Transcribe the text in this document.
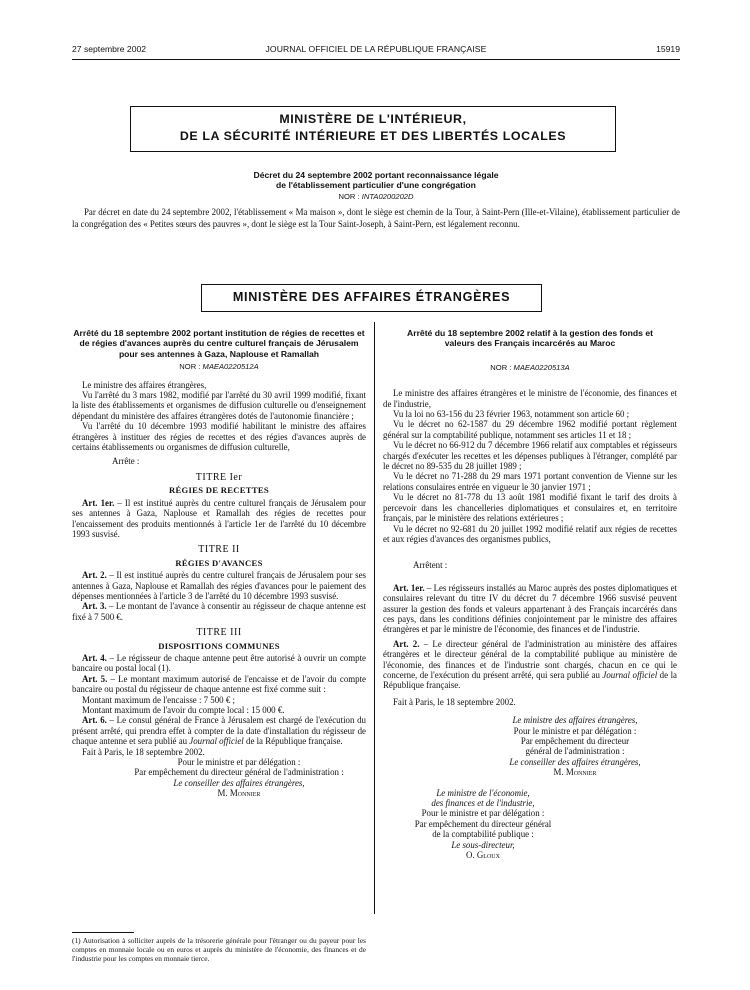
27 septembre 2002	JOURNAL OFFICIEL DE LA RÉPUBLIQUE FRANÇAISE	15919
MINISTÈRE DE L'INTÉRIEUR,
DE LA SÉCURITÉ INTÉRIEURE ET DES LIBERTÉS LOCALES
Décret du 24 septembre 2002 portant reconnaissance légale
de l'établissement particulier d'une congrégation
NOR : INTA0200202D

Par décret en date du 24 septembre 2002, l'établissement « Ma maison », dont le siège est chemin de la Tour, à Saint-Pern (Ille-et-Vilaine), établissement particulier de la congrégation des « Petites sœurs des pauvres », dont le siège est la Tour Saint-Joseph, à Saint-Pern, est légalement reconnu.

MINISTÈRE DES AFFAIRES ÉTRANGÈRES
Arrêté du 18 septembre 2002 portant institution de régies de recettes et de régies d'avances auprès du centre culturel français de Jérusalem pour ses antennes à Gaza, Naplouse et Ramallah
NOR : MAEA0220512A

Le ministre des affaires étrangères,

Vu l'arrêté du 3 mars 1982, modifié par l'arrêté du 30 avril 1999 modifié, fixant la liste des établissements et organismes de diffusion culturelle ou d'enseignement dépendant du ministère des affaires étrangères dotés de l'autonomie financière ;

Vu l'arrêté du 10 décembre 1993 modifié habilitant le ministre des affaires étrangères à instituer des régies de recettes et des régies d'avances auprès de certains établissements ou organismes de diffusion culturelle,

Arrête :

TITRE Ier
RÉGIES DE RECETTES

Art. 1er. – Il est institué auprès du centre culturel français de Jérusalem pour ses antennes à Gaza, Naplouse et Ramallah des régies de recettes pour l'encaissement des produits mentionnés à l'article 1er de l'arrêté du 10 décembre 1993 susvisé.

TITRE II
RÉGIES D'AVANCES

Art. 2. – Il est institué auprès du centre culturel français de Jérusalem pour ses antennes à Gaza, Naplouse et Ramallah des régies d'avances pour le paiement des dépenses mentionnées à l'article 3 de l'arrêté du 10 décembre 1993 susvisé.

Art. 3. – Le montant de l'avance à consentir au régisseur de chaque antenne est fixé à 7 500 €.

TITRE III
DISPOSITIONS COMMUNES

Art. 4. – Le régisseur de chaque antenne peut être autorisé à ouvrir un compte bancaire ou postal local (1).

Art. 5. – Le montant maximum autorisé de l'encaisse et de l'avoir du compte bancaire ou postal du régisseur de chaque antenne est fixé comme suit :

Montant maximum de l'encaisse : 7 500 € ;

Montant maximum de l'avoir du compte local : 15 000 €.

Art. 6. – Le consul général de France à Jérusalem est chargé de l'exécution du présent arrêté, qui prendra effet à compter de la date d'installation du régisseur de chaque antenne et sera publié au Journal officiel de la République française.

Fait à Paris, le 18 septembre 2002.

Pour le ministre et par délégation :
Par empêchement du directeur général de l'administration :
Le conseiller des affaires étrangères,
M. Monnier
(1) Autorisation à solliciter auprès de la trésorerie générale pour l'étranger ou du payeur pour les comptes en monnaie locale ou en euros et auprès du ministère de l'économie, des finances et de l'industrie pour les comptes en monnaie tierce.
Arrêté du 18 septembre 2002 relatif à la gestion des fonds et valeurs des Français incarcérés au Maroc
NOR : MAEA0220513A

Le ministre des affaires étrangères et le ministre de l'économie, des finances et de l'industrie,

Vu la loi no 63-156 du 23 février 1963, notamment son article 60 ;

Vu le décret no 62-1587 du 29 décembre 1962 modifié portant règlement général sur la comptabilité publique, notamment ses articles 11 et 18 ;

Vu le décret no 66-912 du 7 décembre 1966 relatif aux comptables et régisseurs chargés d'exécuter les recettes et les dépenses publiques à l'étranger, complété par le décret no 89-535 du 28 juillet 1989 ;

Vu le décret no 71-288 du 29 mars 1971 portant convention de Vienne sur les relations consulaires entrée en vigueur le 30 janvier 1971 ;

Vu le décret no 81-778 du 13 août 1981 modifié fixant le tarif des droits à percevoir dans les chancelleries diplomatiques et consulaires et, en territoire français, par le ministère des relations extérieures ;

Vu le décret no 92-681 du 20 juillet 1992 modifié relatif aux régies de recettes et aux régies d'avances des organismes publics,

Arrêtent :

Art. 1er. – Les régisseurs installés au Maroc auprès des postes diplomatiques et consulaires relevant du titre IV du décret du 7 décembre 1966 susvisé peuvent assurer la gestion des fonds et valeurs appartenant à des Français incarcérés dans ces pays, dans les conditions définies conjointement par le ministre des affaires étrangères et par le ministre de l'économie, des finances et de l'industrie.

Art. 2. – Le directeur général de l'administration au ministère des affaires étrangères et le directeur général de la comptabilité publique au ministère de l'économie, des finances et de l'industrie sont chargés, chacun en ce qui le concerne, de l'exécution du présent arrêté, qui sera publié au Journal officiel de la République française.

Fait à Paris, le 18 septembre 2002.

Le ministre des affaires étrangères,
Pour le ministre et par délégation :
Par empêchement du directeur
général de l'administration :
Le conseiller des affaires étrangères,
M. Monnier
Le ministre de l'économie,
des finances et de l'industrie,
Pour le ministre et par délégation :
Par empêchement du directeur général
de la comptabilité publique :
Le sous-directeur,
O. Gloux
